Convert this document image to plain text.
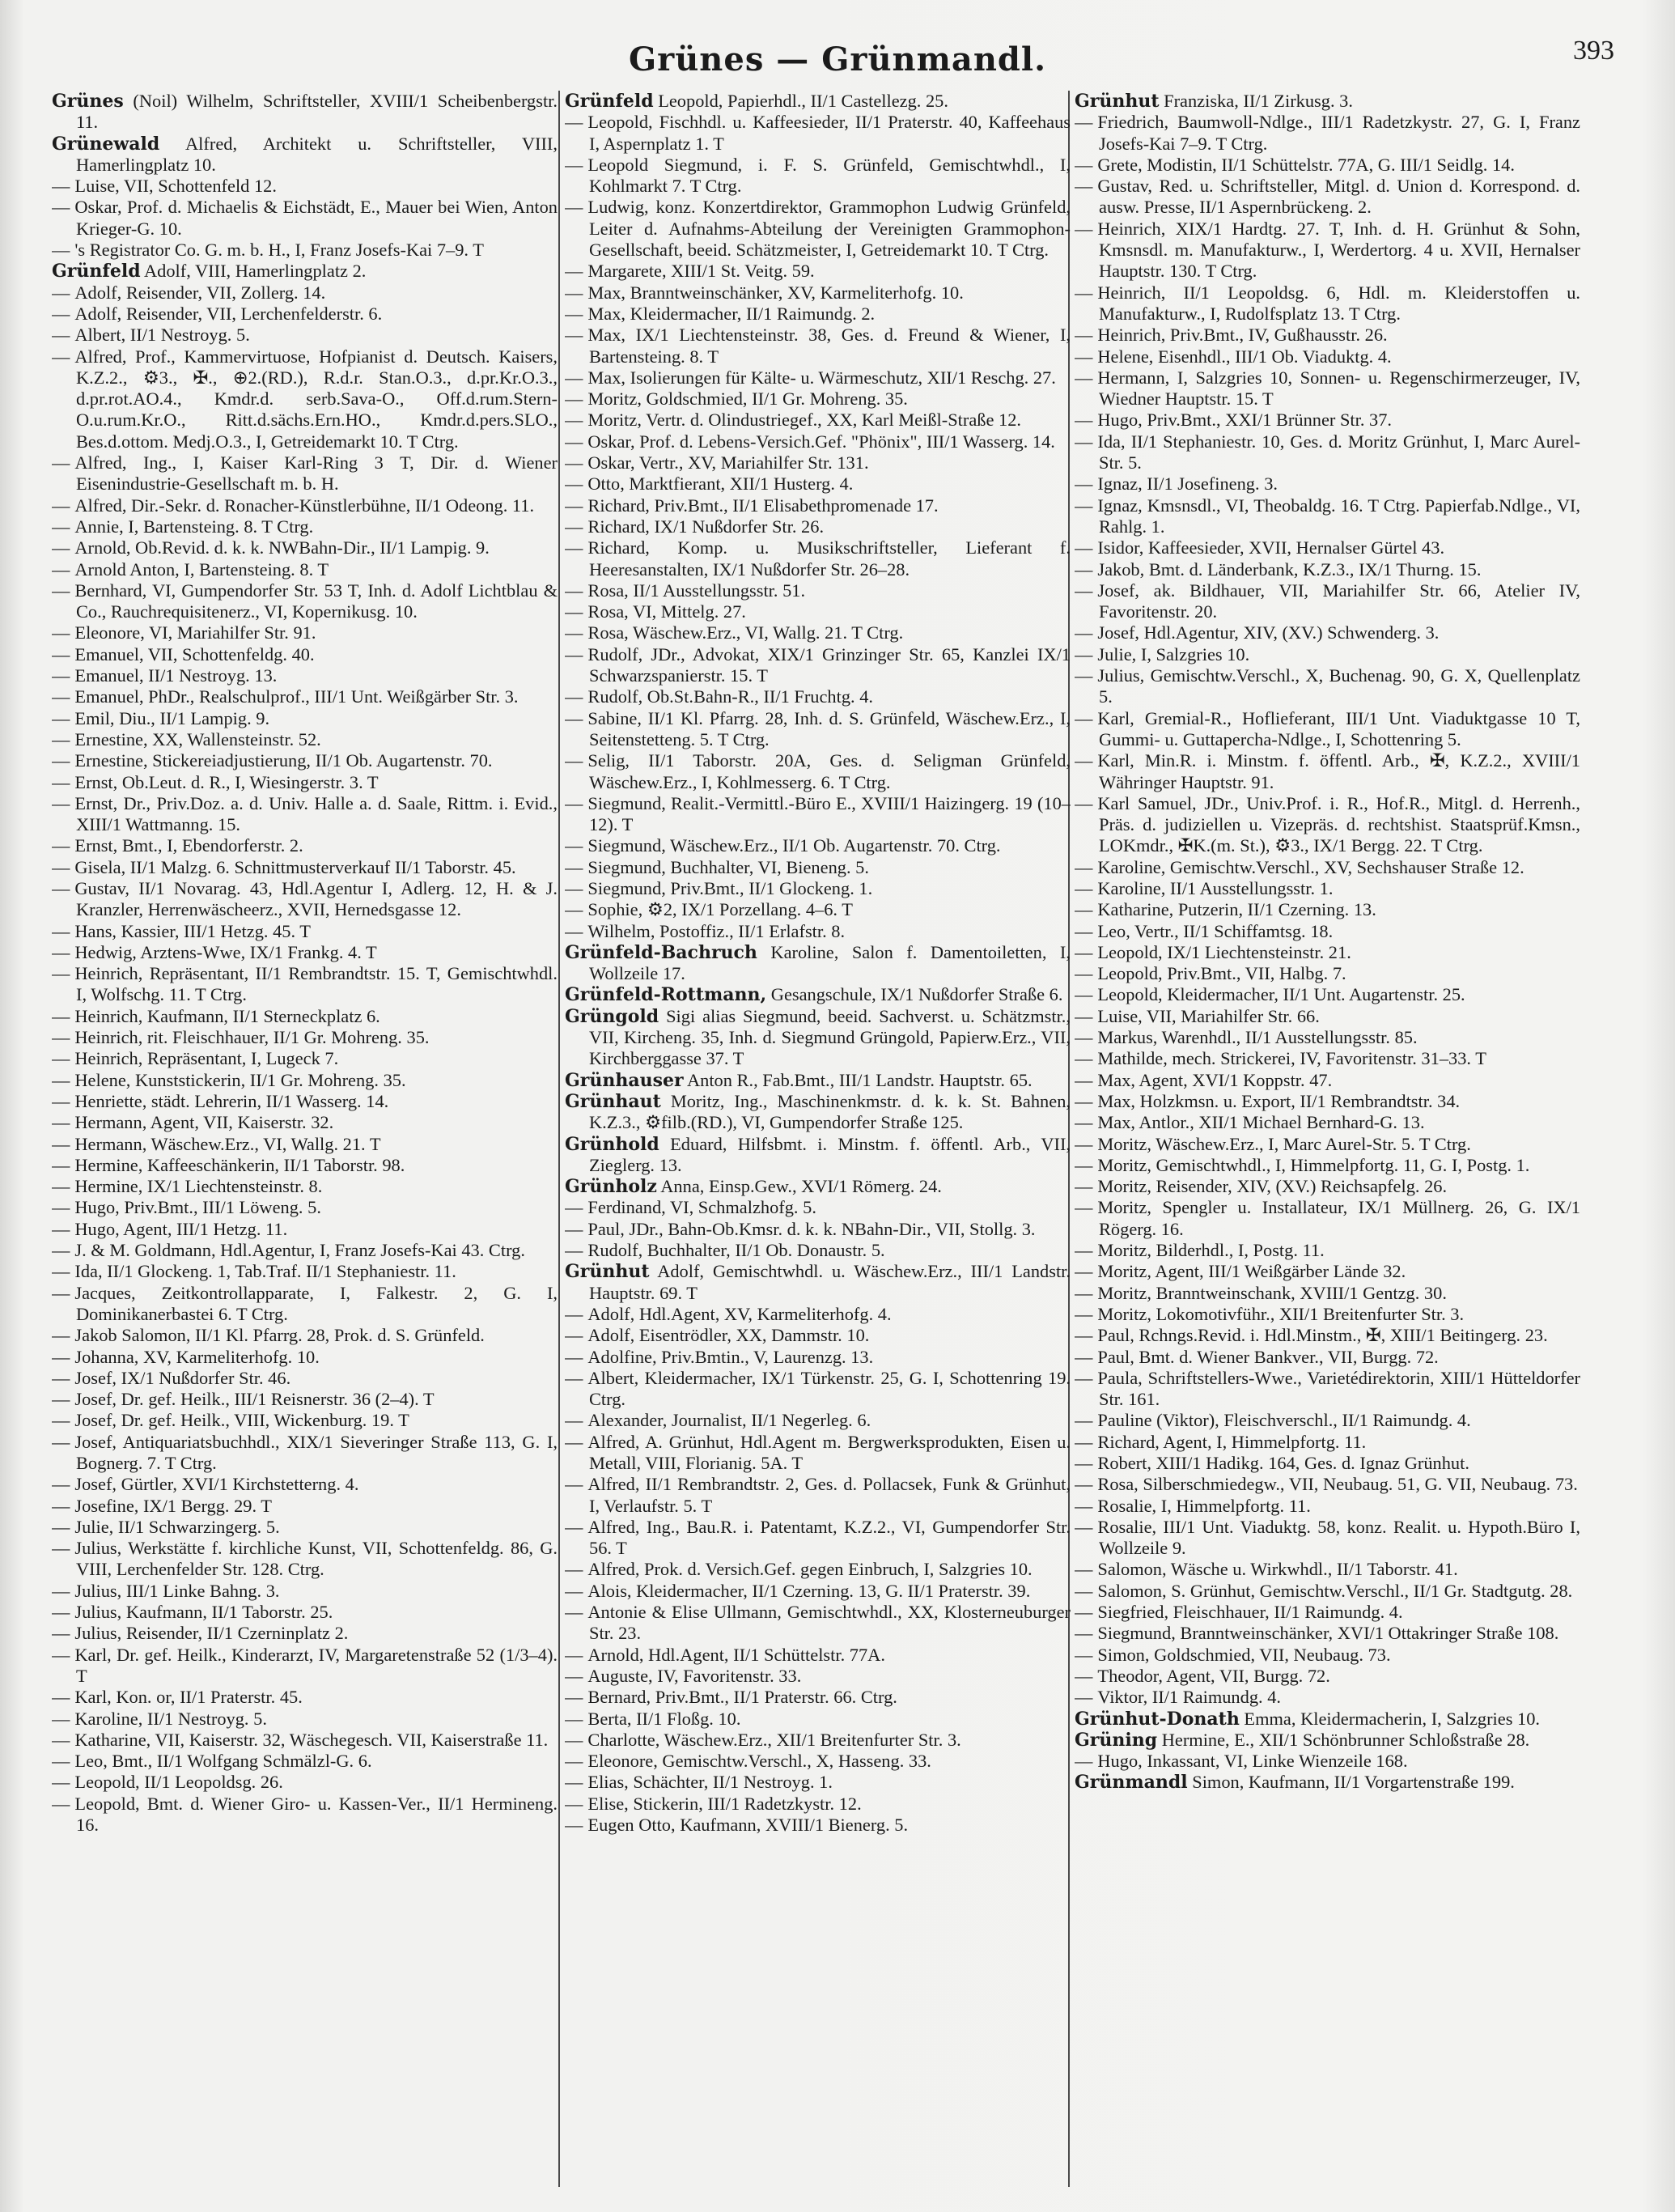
Grünes — Grünmandl.	393
Grünes (Noil) Wilhelm, Schriftsteller, XVIII/1 Scheibenbergstr. 11.
Grünewald Alfred, Architekt u. Schriftsteller, VIII, Hamerlingplatz 10.
— Luise, VII, Schottenfeld 12.
— Oskar, Prof. d. Michaelis & Eichstädt, E., Mauer bei Wien, Anton Krieger-G. 10.
— 's Registrator Co. G. m. b. H., I, Franz Josefs-Kai 7–9. T
Grünfeld Adolf, VIII, Hamerlingplatz 2.
— Adolf, Reisender, VII, Zollerg. 14.
— Adolf, Reisender, VII, Lerchenfelderstr. 6.
— Albert, II/1 Nestroyg. 5.
— Alfred, Prof., Kammervirtuose, Hofpianist d. Deutsch. Kaisers, K.Z.2., ⚙3., ✠., ⊕2.(RD.), R.d.r. Stan.O.3., d.pr.Kr.O.3., d.pr.rot.AO.4., Kmdr.d. serb.Sava-O., Off.d.rum.Stern-O.u.rum.Kr.O., Ritt.d.sächs.Ern.HO., Kmdr.d.pers.SLO., Bes.d.ottom. Medj.O.3., I, Getreidemarkt 10. T Ctrg.
— Alfred, Ing., I, Kaiser Karl-Ring 3 T, Dir. d. Wiener Eisenindustrie-Gesellschaft m. b. H.
— Alfred, Dir.-Sekr. d. Ronacher-Künstlerbühne, II/1 Odeong. 11.
— Annie, I, Bartensteing. 8. T Ctrg.
— Arnold, Ob.Revid. d. k. k. NWBahn-Dir., II/1 Lampig. 9.
— Arnold Anton, I, Bartensteing. 8. T
— Bernhard, VI, Gumpendorfer Str. 53 T, Inh. d. Adolf Lichtblau & Co., Rauchrequisitenerz., VI, Kopernikusg. 10.
— Eleonore, VI, Mariahilfer Str. 91.
— Emanuel, VII, Schottenfeldg. 40.
— Emanuel, II/1 Nestroyg. 13.
— Emanuel, PhDr., Realschulprof., III/1 Unt. Weißgärber Str. 3.
— Emil, Diu., II/1 Lampig. 9.
— Ernestine, XX, Wallensteinstr. 52.
— Ernestine, Stickereiadjustierung, II/1 Ob. Augartenstr. 70.
— Ernst, Ob.Leut. d. R., I, Wiesingerstr. 3. T
— Ernst, Dr., Priv.Doz. a. d. Univ. Halle a. d. Saale, Rittm. i. Evid., XIII/1 Wattmanng. 15.
— Ernst, Bmt., I, Ebendorferstr. 2.
— Gisela, II/1 Malzg. 6. Schnittmusterverkauf II/1 Taborstr. 45.
— Gustav, II/1 Novarag. 43, Hdl.Agentur I, Adlerg. 12, H. & J. Kranzler, Herrenwäscheerz., XVII, Hernedsgasse 12.
— Hans, Kassier, III/1 Hetzg. 45. T
— Hedwig, Arztens-Wwe, IX/1 Frankg. 4. T
— Heinrich, Repräsentant, II/1 Rembrandtstr. 15. T, Gemischtwhdl. I, Wolfschg. 11. T Ctrg.
— Heinrich, Kaufmann, II/1 Sterneckplatz 6.
— Heinrich, rit. Fleischhauer, II/1 Gr. Mohreng. 35.
— Heinrich, Repräsentant, I, Lugeck 7.
— Helene, Kunststickerin, II/1 Gr. Mohreng. 35.
— Henriette, städt. Lehrerin, II/1 Wasserg. 14.
— Hermann, Agent, VII, Kaiserstr. 32.
— Hermann, Wäschew.Erz., VI, Wallg. 21. T
— Hermine, Kaffeeschänkerin, II/1 Taborstr. 98.
— Hermine, IX/1 Liechtensteinstr. 8.
— Hugo, Priv.Bmt., III/1 Löweng. 5.
— Hugo, Agent, III/1 Hetzg. 11.
— J. & M. Goldmann, Hdl.Agentur, I, Franz Josefs-Kai 43. Ctrg.
— Ida, II/1 Glockeng. 1, Tab.Traf. II/1 Stephaniestr. 11.
— Jacques, Zeitkontrollapparate, I, Falkestr. 2, G. I, Dominikanerbastei 6. T Ctrg.
— Jakob Salomon, II/1 Kl. Pfarrg. 28, Prok. d. S. Grünfeld.
— Johanna, XV, Karmeliterhofg. 10.
— Josef, IX/1 Nußdorfer Str. 46.
— Josef, Dr. gef. Heilk., III/1 Reisnerstr. 36 (2–4). T
— Josef, Dr. gef. Heilk., VIII, Wickenburg. 19. T
— Josef, Antiquariatsbuchhdl., XIX/1 Sieveringer Straße 113, G. I, Bognerg. 7. T Ctrg.
— Josef, Gürtler, XVI/1 Kirchstetterng. 4.
— Josefine, IX/1 Bergg. 29. T
— Julie, II/1 Schwarzingerg. 5.
— Julius, Werkstätte f. kirchliche Kunst, VII, Schottenfeldg. 86, G. VIII, Lerchenfelder Str. 128. Ctrg.
— Julius, III/1 Linke Bahng. 3.
— Julius, Kaufmann, II/1 Taborstr. 25.
— Julius, Reisender, II/1 Czerninplatz 2.
— Karl, Dr. gef. Heilk., Kinderarzt, IV, Margaretenstraße 52 (1/3–4). T
— Karl, Kon. or, II/1 Praterstr. 45.
— Karoline, II/1 Nestroyg. 5.
— Katharine, VII, Kaiserstr. 32, Wäschegesch. VII, Kaiserstraße 11.
— Leo, Bmt., II/1 Wolfgang Schmälzl-G. 6.
— Leopold, II/1 Leopoldsg. 26.
— Leopold, Bmt. d. Wiener Giro- u. Kassen-Ver., II/1 Hermineng. 16.
Grünfeld Leopold, Papierhdl., II/1 Castellezg. 25.
— Leopold, Fischhdl. u. Kaffeesieder, II/1 Praterstr. 40, Kaffeehaus I, Aspernplatz 1. T
— Leopold Siegmund, i. F. S. Grünfeld, Gemischtwhdl., I, Kohlmarkt 7. T Ctrg.
— Ludwig, konz. Konzertdirektor, Grammophon Ludwig Grünfeld, Leiter d. Aufnahms-Abteilung der Vereinigten Grammophon-Gesellschaft, beeid. Schätzmeister, I, Getreidemarkt 10. T Ctrg.
— Margarete, XIII/1 St. Veitg. 59.
— Max, Branntweinschänker, XV, Karmeliterhofg. 10.
— Max, Kleidermacher, II/1 Raimundg. 2.
— Max, IX/1 Liechtensteinstr. 38, Ges. d. Freund & Wiener, I, Bartensteing. 8. T
— Max, Isolierungen für Kälte- u. Wärmeschutz, XII/1 Reschg. 27.
— Moritz, Goldschmied, II/1 Gr. Mohreng. 35.
— Moritz, Vertr. d. Olindustriegef., XX, Karl Meißl-Straße 12.
— Oskar, Prof. d. Lebens-Versich.Gef. "Phönix", III/1 Wasserg. 14.
— Oskar, Vertr., XV, Mariahilfer Str. 131.
— Otto, Marktfierant, XII/1 Husterg. 4.
— Richard, Priv.Bmt., II/1 Elisabethpromenade 17.
— Richard, IX/1 Nußdorfer Str. 26.
— Richard, Komp. u. Musikschriftsteller, Lieferant f. Heeresanstalten, IX/1 Nußdorfer Str. 26–28.
— Rosa, II/1 Ausstellungsstr. 51.
— Rosa, VI, Mittelg. 27.
— Rosa, Wäschew.Erz., VI, Wallg. 21. T Ctrg.
— Rudolf, JDr., Advokat, XIX/1 Grinzinger Str. 65, Kanzlei IX/1 Schwarzspanierstr. 15. T
— Rudolf, Ob.St.Bahn-R., II/1 Fruchtg. 4.
— Sabine, II/1 Kl. Pfarrg. 28, Inh. d. S. Grünfeld, Wäschew.Erz., I, Seitenstetteng. 5. T Ctrg.
— Selig, II/1 Taborstr. 20A, Ges. d. Seligman Grünfeld, Wäschew.Erz., I, Kohlmesserg. 6. T Ctrg.
— Siegmund, Realit.-Vermittl.-Büro E., XVIII/1 Haizingerg. 19 (10–12). T
— Siegmund, Wäschew.Erz., II/1 Ob. Augartenstr. 70. Ctrg.
— Siegmund, Buchhalter, VI, Bieneng. 5.
— Siegmund, Priv.Bmt., II/1 Glockeng. 1.
— Sophie, ⚙2, IX/1 Porzellang. 4–6. T
— Wilhelm, Postoffiz., II/1 Erlafstr. 8.
Grünfeld-Bachruch Karoline, Salon f. Damentoiletten, I, Wollzeile 17.
Grünfeld-Rottmann, Gesangschule, IX/1 Nußdorfer Straße 6.
Grüngold Sigi alias Siegmund, beeid. Sachverst. u. Schätzmstr., VII, Kircheng. 35, Inh. d. Siegmund Grüngold, Papierw.Erz., VII, Kirchberggasse 37. T
Grünhauser Anton R., Fab.Bmt., III/1 Landstr. Hauptstr. 65.
Grünhaut Moritz, Ing., Maschinenkmstr. d. k. k. St. Bahnen, K.Z.3., ⚙filb.(RD.), VI, Gumpendorfer Straße 125.
Grünhold Eduard, Hilfsbmt. i. Minstm. f. öffentl. Arb., VII, Zieglerg. 13.
Grünholz Anna, Einsp.Gew., XVI/1 Römerg. 24.
— Ferdinand, VI, Schmalzhofg. 5.
— Paul, JDr., Bahn-Ob.Kmsr. d. k. k. NBahn-Dir., VII, Stollg. 3.
— Rudolf, Buchhalter, II/1 Ob. Donaustr. 5.
Grünhut Adolf, Gemischtwhdl. u. Wäschew.Erz., III/1 Landstr. Hauptstr. 69. T
— Adolf, Hdl.Agent, XV, Karmeliterhofg. 4.
— Adolf, Eisentrödler, XX, Dammstr. 10.
— Adolfine, Priv.Bmtin., V, Laurenzg. 13.
— Albert, Kleidermacher, IX/1 Türkenstr. 25, G. I, Schottenring 19. Ctrg.
— Alexander, Journalist, II/1 Negerleg. 6.
— Alfred, A. Grünhut, Hdl.Agent m. Bergwerksprodukten, Eisen u. Metall, VIII, Florianig. 5A. T
— Alfred, II/1 Rembrandtstr. 2, Ges. d. Pollacsek, Funk & Grünhut, I, Verlaufstr. 5. T
— Alfred, Ing., Bau.R. i. Patentamt, K.Z.2., VI, Gumpendorfer Str. 56. T
— Alfred, Prok. d. Versich.Gef. gegen Einbruch, I, Salzgries 10.
— Alois, Kleidermacher, II/1 Czerning. 13, G. II/1 Praterstr. 39.
— Antonie & Elise Ullmann, Gemischtwhdl., XX, Klosterneuburger Str. 23.
— Arnold, Hdl.Agent, II/1 Schüttelstr. 77A.
— Auguste, IV, Favoritenstr. 33.
— Bernard, Priv.Bmt., II/1 Praterstr. 66. Ctrg.
— Berta, II/1 Floßg. 10.
— Charlotte, Wäschew.Erz., XII/1 Breitenfurter Str. 3.
— Eleonore, Gemischtw.Verschl., X, Hasseng. 33.
— Elias, Schächter, II/1 Nestroyg. 1.
— Elise, Stickerin, III/1 Radetzkystr. 12.
— Eugen Otto, Kaufmann, XVIII/1 Bienerg. 5.
Grünhut Franziska, II/1 Zirkusg. 3.
— Friedrich, Baumwoll-Ndlge., III/1 Radetzkystr. 27, G. I, Franz Josefs-Kai 7–9. T Ctrg.
— Grete, Modistin, II/1 Schüttelstr. 77A, G. III/1 Seidlg. 14.
— Gustav, Red. u. Schriftsteller, Mitgl. d. Union d. Korrespond. d. ausw. Presse, II/1 Aspernbrückeng. 2.
— Heinrich, XIX/1 Hardtg. 27. T, Inh. d. H. Grünhut & Sohn, Kmsnsdl. m. Manufakturw., I, Werdertorg. 4 u. XVII, Hernalser Hauptstr. 130. T Ctrg.
— Heinrich, II/1 Leopoldsg. 6, Hdl. m. Kleiderstoffen u. Manufakturw., I, Rudolfsplatz 13. T Ctrg.
— Heinrich, Priv.Bmt., IV, Gußhausstr. 26.
— Helene, Eisenhdl., III/1 Ob. Viaduktg. 4.
— Hermann, I, Salzgries 10, Sonnen- u. Regenschirmerzeuger, IV, Wiedner Hauptstr. 15. T
— Hugo, Priv.Bmt., XXI/1 Brünner Str. 37.
— Ida, II/1 Stephaniestr. 10, Ges. d. Moritz Grünhut, I, Marc Aurel-Str. 5.
— Ignaz, II/1 Josefineng. 3.
— Ignaz, Kmsnsdl., VI, Theobaldg. 16. T Ctrg. Papierfab.Ndlge., VI, Rahlg. 1.
— Isidor, Kaffeesieder, XVII, Hernalser Gürtel 43.
— Jakob, Bmt. d. Länderbank, K.Z.3., IX/1 Thurng. 15.
— Josef, ak. Bildhauer, VII, Mariahilfer Str. 66, Atelier IV, Favoritenstr. 20.
— Josef, Hdl.Agentur, XIV, (XV.) Schwenderg. 3.
— Julie, I, Salzgries 10.
— Julius, Gemischtw.Verschl., X, Buchenag. 90, G. X, Quellenplatz 5.
— Karl, Gremial-R., Hoflieferant, III/1 Unt. Viaduktgasse 10 T, Gummi- u. Guttapercha-Ndlge., I, Schottenring 5.
— Karl, Min.R. i. Minstm. f. öffentl. Arb., ✠, K.Z.2., XVIII/1 Währinger Hauptstr. 91.
— Karl Samuel, JDr., Univ.Prof. i. R., Hof.R., Mitgl. d. Herrenh., Präs. d. judiziellen u. Vizepräs. d. rechtshist. Staatsprüf.Kmsn., LOKmdr., ✠K.(m. St.), ⚙3., IX/1 Bergg. 22. T Ctrg.
— Karoline, Gemischtw.Verschl., XV, Sechshauser Straße 12.
— Karoline, II/1 Ausstellungsstr. 1.
— Katharine, Putzerin, II/1 Czerning. 13.
— Leo, Vertr., II/1 Schiffamtsg. 18.
— Leopold, IX/1 Liechtensteinstr. 21.
— Leopold, Priv.Bmt., VII, Halbg. 7.
— Leopold, Kleidermacher, II/1 Unt. Augartenstr. 25.
— Luise, VII, Mariahilfer Str. 66.
— Markus, Warenhdl., II/1 Ausstellungsstr. 85.
— Mathilde, mech. Strickerei, IV, Favoritenstr. 31–33. T
— Max, Agent, XVI/1 Koppstr. 47.
— Max, Holzkmsn. u. Export, II/1 Rembrandtstr. 34.
— Max, Antlor., XII/1 Michael Bernhard-G. 13.
— Moritz, Wäschew.Erz., I, Marc Aurel-Str. 5. T Ctrg.
— Moritz, Gemischtwhdl., I, Himmelpfortg. 11, G. I, Postg. 1.
— Moritz, Reisender, XIV, (XV.) Reichsapfelg. 26.
— Moritz, Spengler u. Installateur, IX/1 Müllnerg. 26, G. IX/1 Rögerg. 16.
— Moritz, Bilderhdl., I, Postg. 11.
— Moritz, Agent, III/1 Weißgärber Lände 32.
— Moritz, Branntweinschank, XVIII/1 Gentzg. 30.
— Moritz, Lokomotivführ., XII/1 Breitenfurter Str. 3.
— Paul, Rchngs.Revid. i. Hdl.Minstm., ✠, XIII/1 Beitingerg. 23.
— Paul, Bmt. d. Wiener Bankver., VII, Burgg. 72.
— Paula, Schriftstellers-Wwe., Varietédirektorin, XIII/1 Hütteldorfer Str. 161.
— Pauline (Viktor), Fleischverschl., II/1 Raimundg. 4.
— Richard, Agent, I, Himmelpfortg. 11.
— Robert, XIII/1 Hadikg. 164, Ges. d. Ignaz Grünhut.
— Rosa, Silberschmiedegw., VII, Neubaug. 51, G. VII, Neubaug. 73.
— Rosalie, I, Himmelpfortg. 11.
— Rosalie, III/1 Unt. Viaduktg. 58, konz. Realit. u. Hypoth.Büro I, Wollzeile 9.
— Salomon, Wäsche u. Wirkwhdl., II/1 Taborstr. 41.
— Salomon, S. Grünhut, Gemischtw.Verschl., II/1 Gr. Stadtgutg. 28.
— Siegfried, Fleischhauer, II/1 Raimundg. 4.
— Siegmund, Branntweinschänker, XVI/1 Ottakringer Straße 108.
— Simon, Goldschmied, VII, Neubaug. 73.
— Theodor, Agent, VII, Burgg. 72.
— Viktor, II/1 Raimundg. 4.
Grünhut-Donath Emma, Kleidermacherin, I, Salzgries 10.
Grüning Hermine, E., XII/1 Schönbrunner Schloßstraße 28.
— Hugo, Inkassant, VI, Linke Wienzeile 168.
Grünmandl Simon, Kaufmann, II/1 Vorgartenstraße 199.
